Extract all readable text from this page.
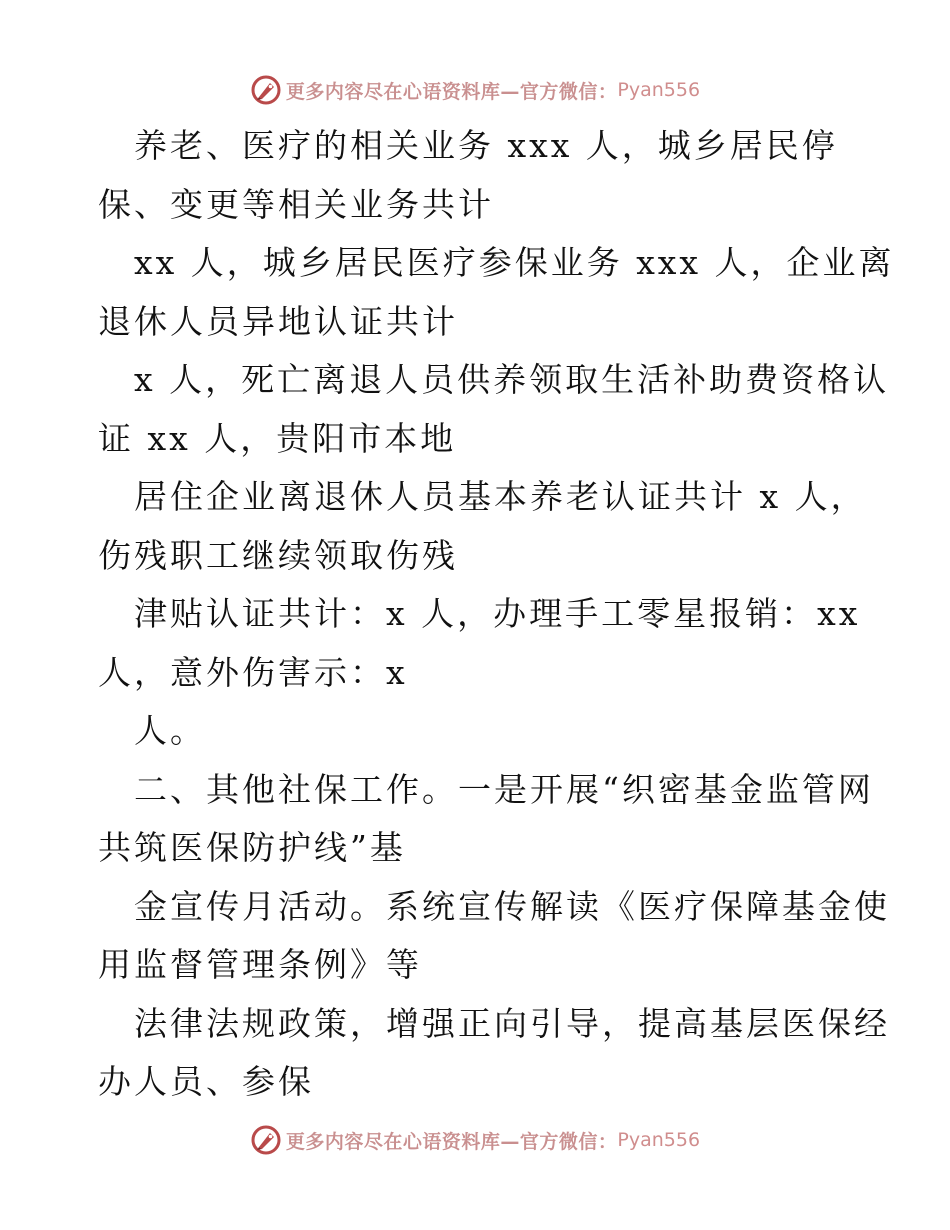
更多内容尽在心语资料库—官方微信： Pyan556
养老、医疗的相关业务 xxx 人，城乡居民停
保、变更等相关业务共计
xx 人，城乡居民医疗参保业务 xxx 人，企业离
退休人员异地认证共计
x 人，死亡离退人员供养领取生活补助费资格认
证 xx 人，贵阳市本地
居住企业离退休人员基本养老认证共计 x 人，
伤残职工继续领取伤残
津贴认证共计：x 人，办理手工零星报销：xx
人，意外伤害示：x
人。
二、其他社保工作。一是开展“织密基金监管网
共筑医保防护线”基
金宣传月活动。系统宣传解读《医疗保障基金使
用监督管理条例》等
法律法规政策，增强正向引导，提高基层医保经
办人员、参保
更多内容尽在心语资料库—官方微信： Pyan556
